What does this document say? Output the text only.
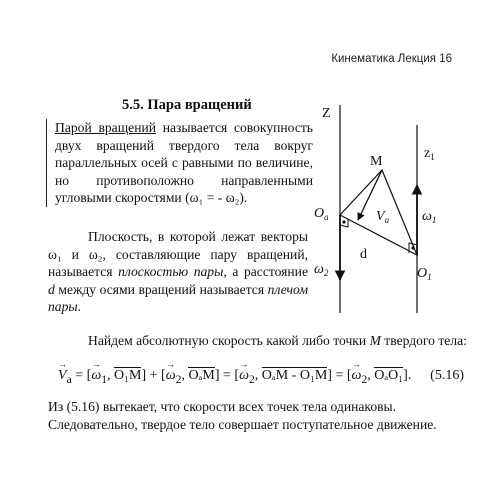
Кинематика Лекция 16
5.5. Пара вращений
Парой вращений называется совокупность двух вращений твердого тела вокруг параллельных осей с равными по величине, но противоположно направленными угловыми скоростями (ω₁ = - ω₂).
Плоскость, в которой лежат векторы ω₁ и ω₂, составляющие пару вращений, называется плоскостью пары, а расстояние d между осями вращений называется плечом пары.
Найдем абсолютную скорость какой либо точки M твердого тела:
→ $V_a$ = [→ $\omega_1$, O₁M] + [→ $\omega_2$, OₐM] = [→ $\omega_2$, OₐM - O₁M] = [→ $\omega_2$, OₐO₁]. (5.16)
Из (5.16) вытекает, что скорости всех точек тела одинаковы.
Следовательно, твердое тело совершает поступательное движение.
Z
$z_1$
M
$O_a$
$O_1$
$V_a$ $\omega_1$
$\omega_2$
d
